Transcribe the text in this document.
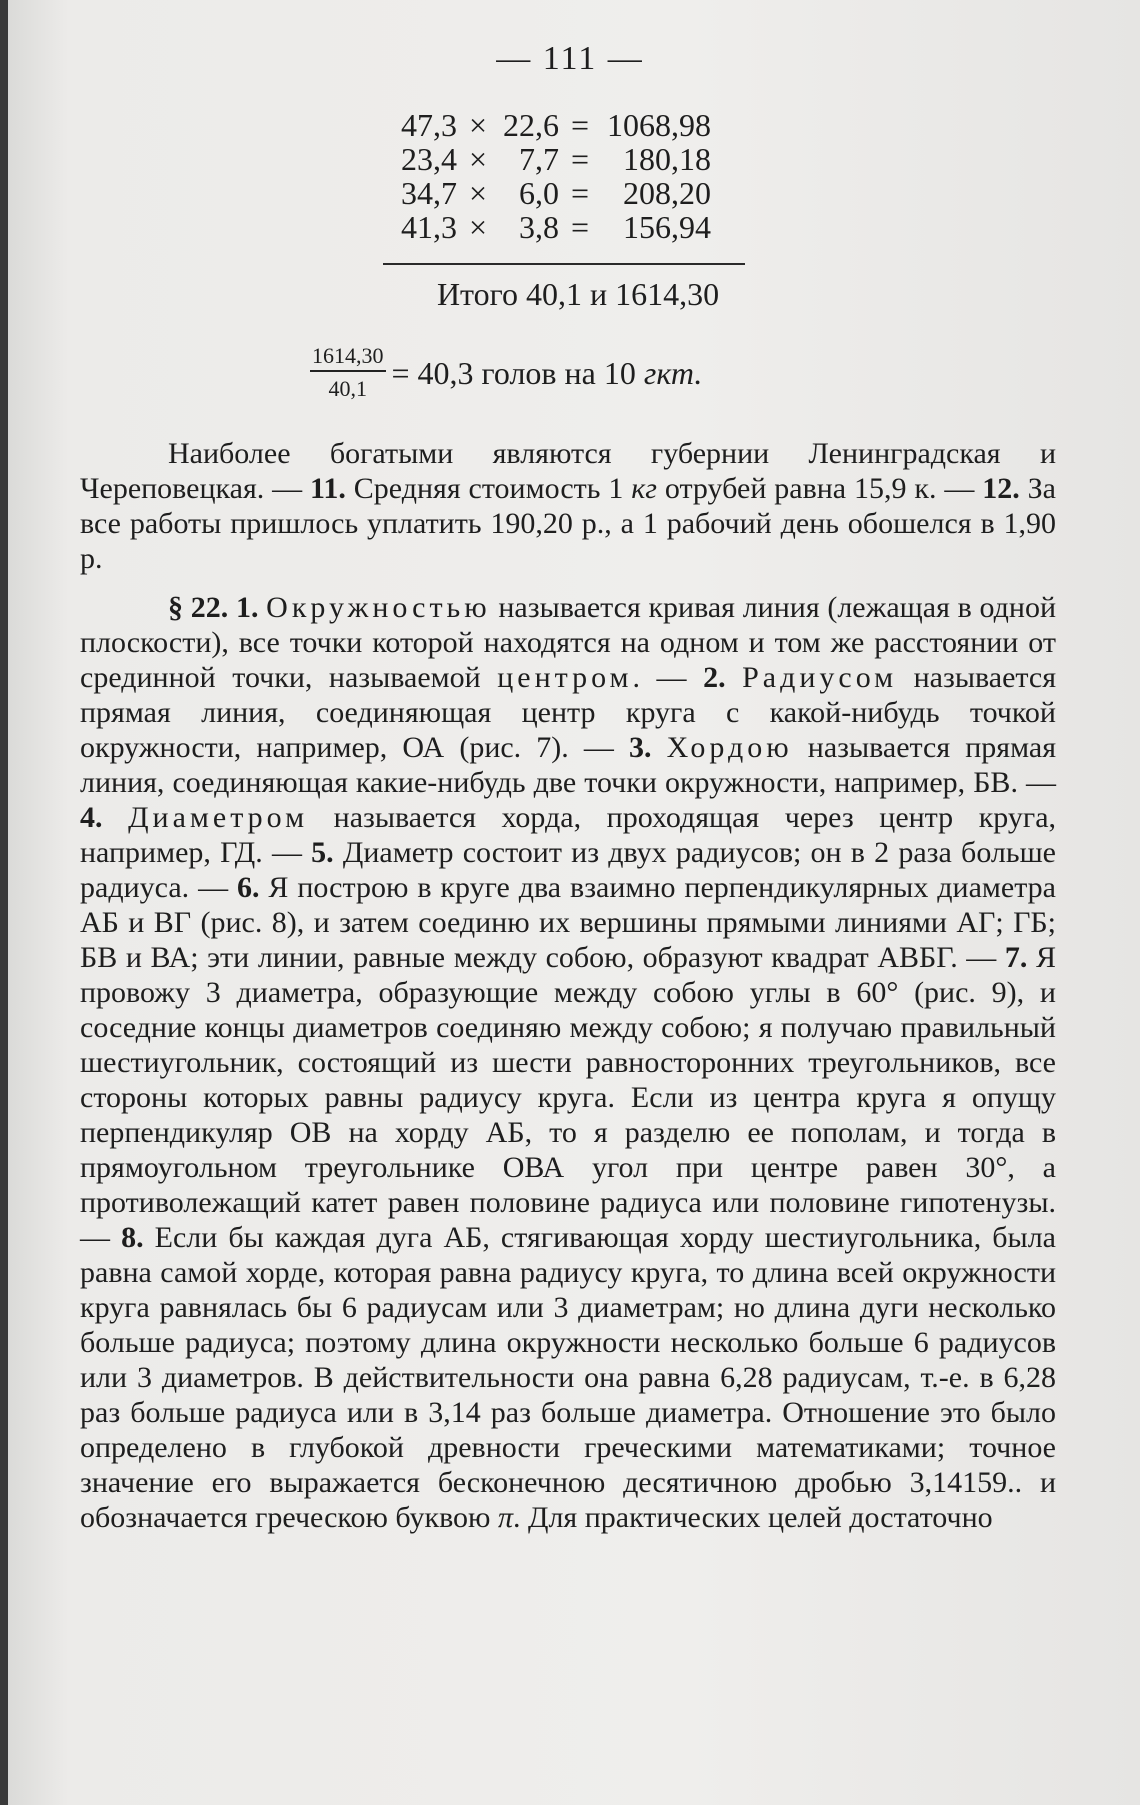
— 111 —
47,3 × 22,6 = 1068,98
23,4 × 7,7 =	180,18
34,7 × 6,0 =	208,20
41,3 × 3,8 =	156,94
Итого 40,1 и 1614,30
$\frac{1614,30}{40,1} = 40,3$ голов на 10 гкт.

Наиболее богатыми являются губернии Ленинградская и Череповецкая. — 11. Средняя стоимость 1 кг отрубей равна 15,9 к. — 12. За все работы пришлось уплатить 190,20 р., а 1 рабочий день обошелся в 1,90 р.

§ 22. 1. Окружностью называется кривая линия (лежащая в одной плоскости), все точки которой находятся на одном и том же расстоянии от срединной точки, называемой центром. — 2. Радиусом называется прямая линия, соединяющая центр круга с какой-нибудь точкой окружности, например, ОА (рис. 7). — 3. Хордою называется прямая линия, соединяющая какие-нибудь две точки окружности, например, БВ. — 4. Диаметром называется хорда, проходящая через центр круга, например, ГД. — 5. Диаметр состоит из двух радиусов; он в 2 раза больше радиуса. — 6. Я построю в круге два взаимно перпендикулярных диаметра АБ и ВГ (рис. 8), и затем соединю их вершины прямыми линиями АГ; ГБ; БВ и ВА; эти линии, равные между собою, образуют квадрат АВБГ. — 7. Я провожу 3 диаметра, образующие между собою углы в 60° (рис. 9), и соседние концы диаметров соединяю между собою; я получаю правильный шестиугольник, состоящий из шести равносторонних треугольников, все стороны которых равны радиусу круга. Если из центра круга я опущу перпендикуляр ОВ на хорду АБ, то я разделю ее пополам, и тогда в прямоугольном треугольнике ОВА угол при центре равен 30°, а противолежащий катет равен половине радиуса или половине гипотенузы. — 8. Если бы каждая дуга АБ, стягивающая хорду шестиугольника, была равна самой хорде, которая равна радиусу круга, то длина всей окружности круга равнялась бы 6 радиусам или 3 диаметрам; но длина дуги несколько больше радиуса; поэтому длина окружности несколько больше 6 радиусов или 3 диаметров. В действительности она равна 6,28 радиусам, т.-е. в 6,28 раз больше радиуса или в 3,14 раз больше диаметра. Отношение это было определено в глубокой древности греческими математиками; точное значение его выражается бесконечною десятичною дробью 3,14159.. и обозначается греческою буквою π. Для практических целей достаточно
